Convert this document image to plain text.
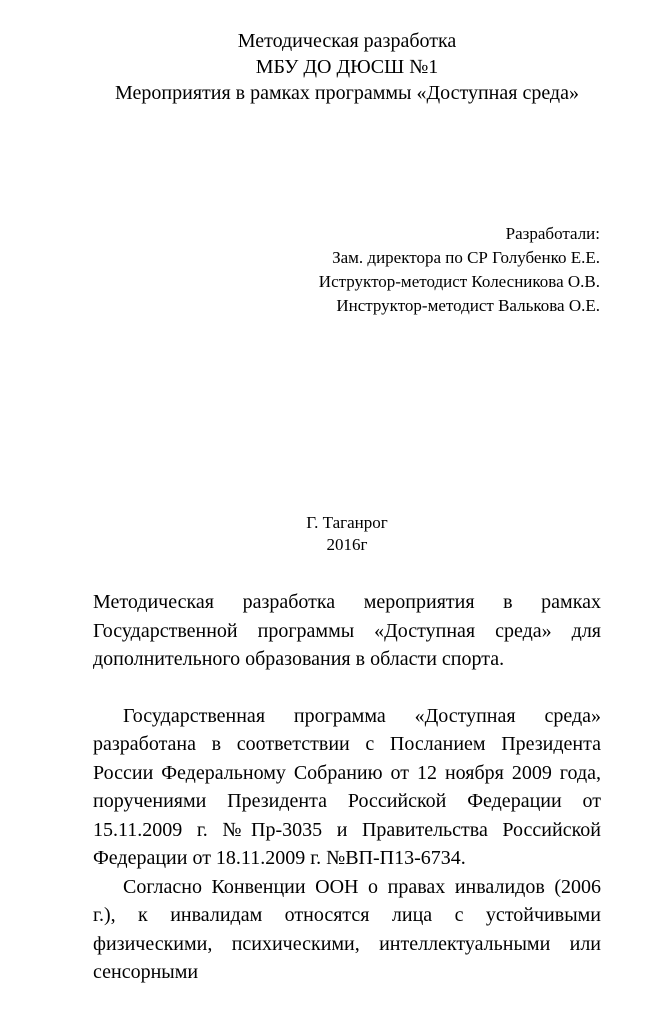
Методическая разработка
МБУ ДО ДЮСШ №1
Мероприятия в рамках программы «Доступная среда»
Разработали:
Зам. директора по СР Голубенко Е.Е.
Иструктор-методист Колесникова О.В.
Инструктор-методист Валькова О.Е.
Г. Таганрог
2016г

Методическая разработка мероприятия в рамках Государственной программы «Доступная среда» для дополнительного образования в области спорта.

Государственная программа «Доступная среда» разработана в соответствии с Посланием Президента России Федеральному Собранию от 12 ноября 2009 года, поручениями Президента Российской Федерации от 15.11.2009 г. №Пр-3035 и Правительства Российской Федерации от 18.11.2009 г. №ВП-П13-6734.

Согласно Конвенции ООН о правах инвалидов (2006 г.), к инвалидам относятся лица с устойчивыми физическими, психическими, интеллектуальными или сенсорными
